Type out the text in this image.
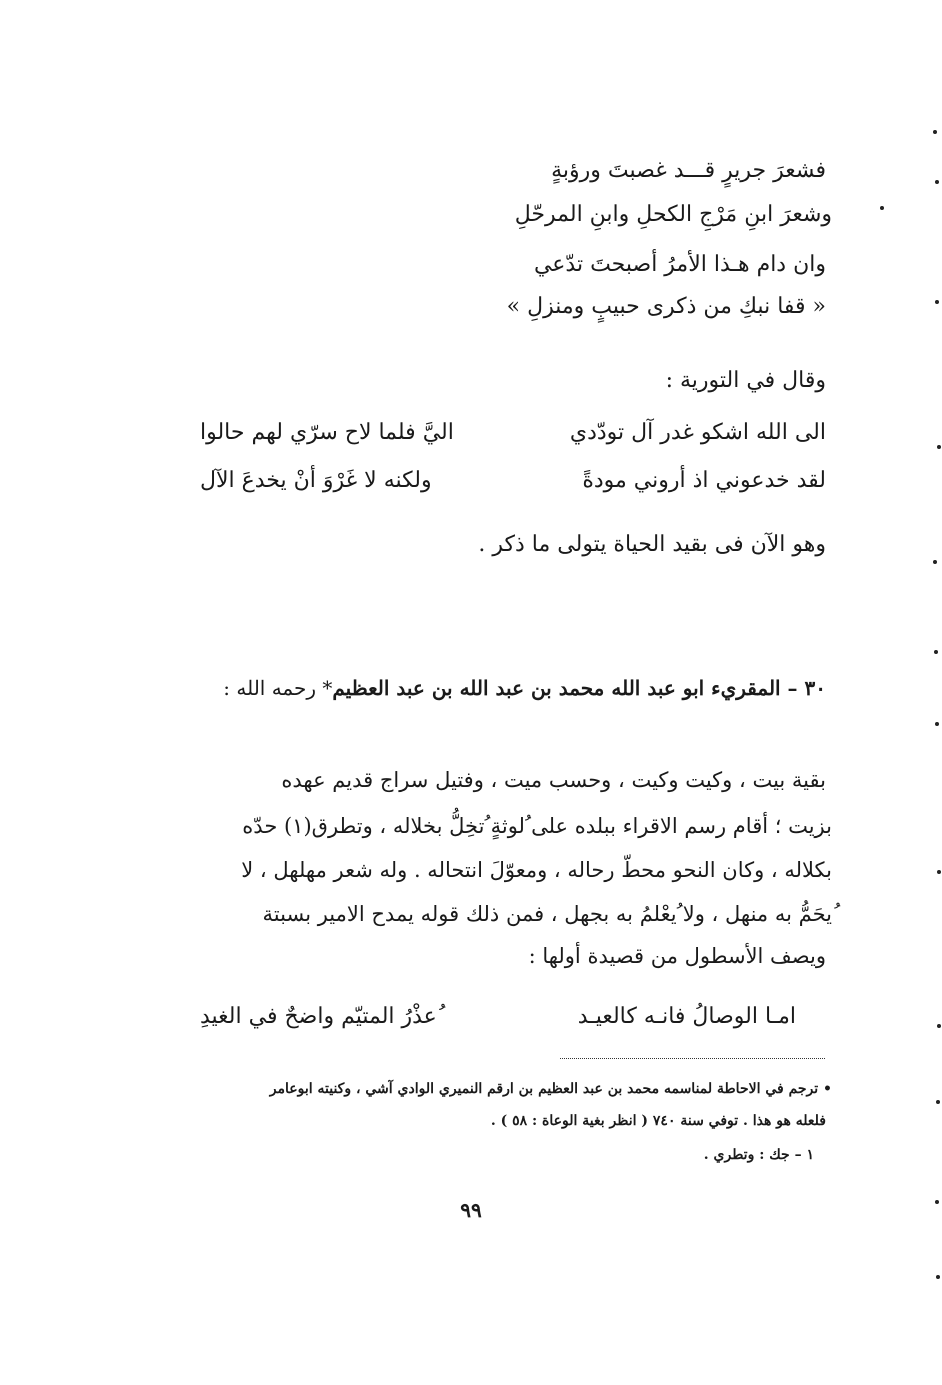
فشعرَ جريرٍ قـــد غصبتَ ورؤبةٍ
وشعرَ ابنِ مَرْجِ الكحلِ وابنِ المرحّلِ
وان دام هـذا الأمرُ أصبحتَ تدّعي
« قفا نبكِ من ذكرى حبيبٍ ومنزلِ »
وقال في التورية :
الى الله اشكو غدر آل تودّدي
اليَّ فلما لاح سرّي لهم حالوا
لقد خدعوني اذ أروني مودةً
ولكنه لا غَرْوَ أنْ يخدعَ الآل
وهو الآن فى بقيد الحياة يتولى ما ذكر .
٣٠ – المقريء ابو عبد الله محمد بن عبد الله بن عبد العظيم* رحمه الله :
بقية بيت ، وكيت وكيت ، وحسب ميت ، وفتيل سراج قديم عهده
بزيت ؛ أقام رسم الاقراء ببلده على ُلوثةٍ ُتخِلُّ بخلاله ، وتطرق(١) حدّه
بكلاله ، وكان النحو محطّ رحاله ، ومعوّلَ انتحاله . وله شعر مهلهل ، لا
ُيحَمُّ به منهل ، ولا ُيعْلمُ به بجهل ، فمن ذلك قوله يمدح الامير بسبتة
ويصف الأسطول من قصيدة أولها :
امـا الوصالُ فانـه كالعيـد
ُعذْرُ المتيّم واضحٌ في الغيدِ
• ترجم في الاحاطة لمناسمه محمد بن عبد العظيم بن ارقم النميري الوادي آشي ، وكنيته ابوعامر
فلعله هو هذا . توفي سنة ٧٤٠ ( انظر بغية الوعاة : ٥٨ ) .
١ – جك : وتطري .
٩٩
